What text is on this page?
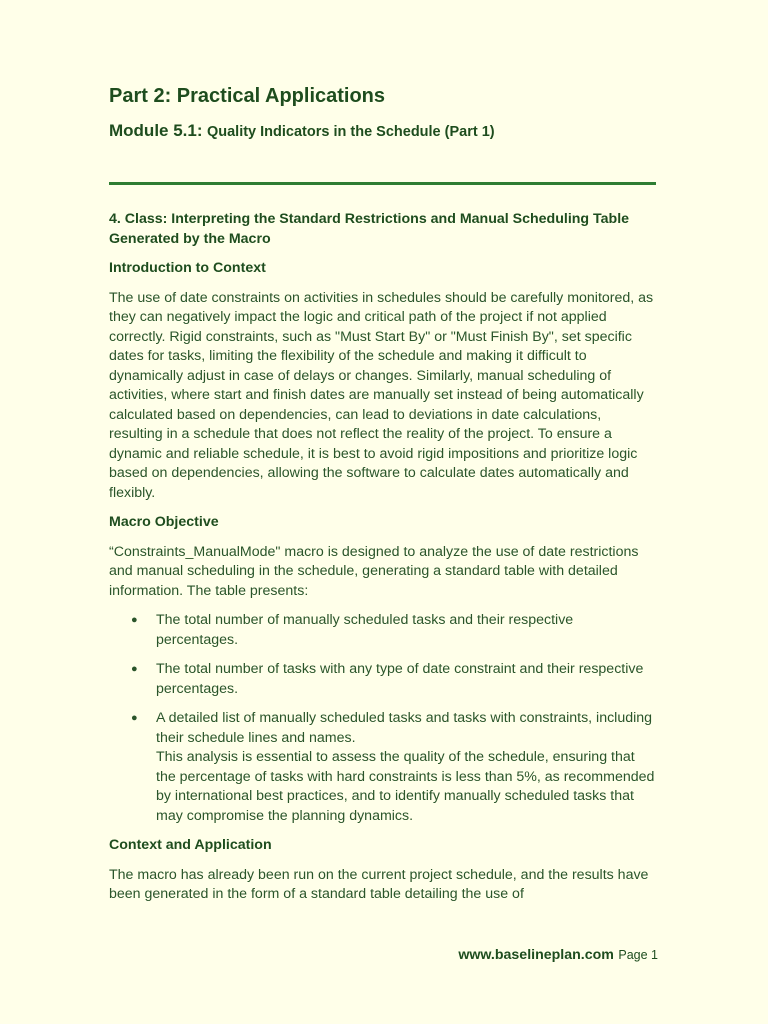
Part 2: Practical Applications
Module 5.1: Quality Indicators in the Schedule (Part 1)
4. Class: Interpreting the Standard Restrictions and Manual Scheduling Table Generated by the Macro
Introduction to Context

The use of date constraints on activities in schedules should be carefully monitored, as they can negatively impact the logic and critical path of the project if not applied correctly. Rigid constraints, such as "Must Start By" or "Must Finish By", set specific dates for tasks, limiting the flexibility of the schedule and making it difficult to dynamically adjust in case of delays or changes. Similarly, manual scheduling of activities, where start and finish dates are manually set instead of being automatically calculated based on dependencies, can lead to deviations in date calculations, resulting in a schedule that does not reflect the reality of the project. To ensure a dynamic and reliable schedule, it is best to avoid rigid impositions and prioritize logic based on dependencies, allowing the software to calculate dates automatically and flexibly.

Macro Objective

“Constraints_ManualMode" macro is designed to analyze the use of date restrictions and manual scheduling in the schedule, generating a standard table with detailed information. The table presents:

● The total number of manually scheduled tasks and their respective percentages.
● The total number of tasks with any type of date constraint and their respective percentages.
● A detailed list of manually scheduled tasks and tasks with constraints, including their schedule lines and names.
This analysis is essential to assess the quality of the schedule, ensuring that the percentage of tasks with hard constraints is less than 5%, as recommended by international best practices, and to identify manually scheduled tasks that may compromise the planning dynamics.
Context and Application

The macro has already been run on the current project schedule, and the results have been generated in the form of a standard table detailing the use of

www.baselineplan.com Page 1
